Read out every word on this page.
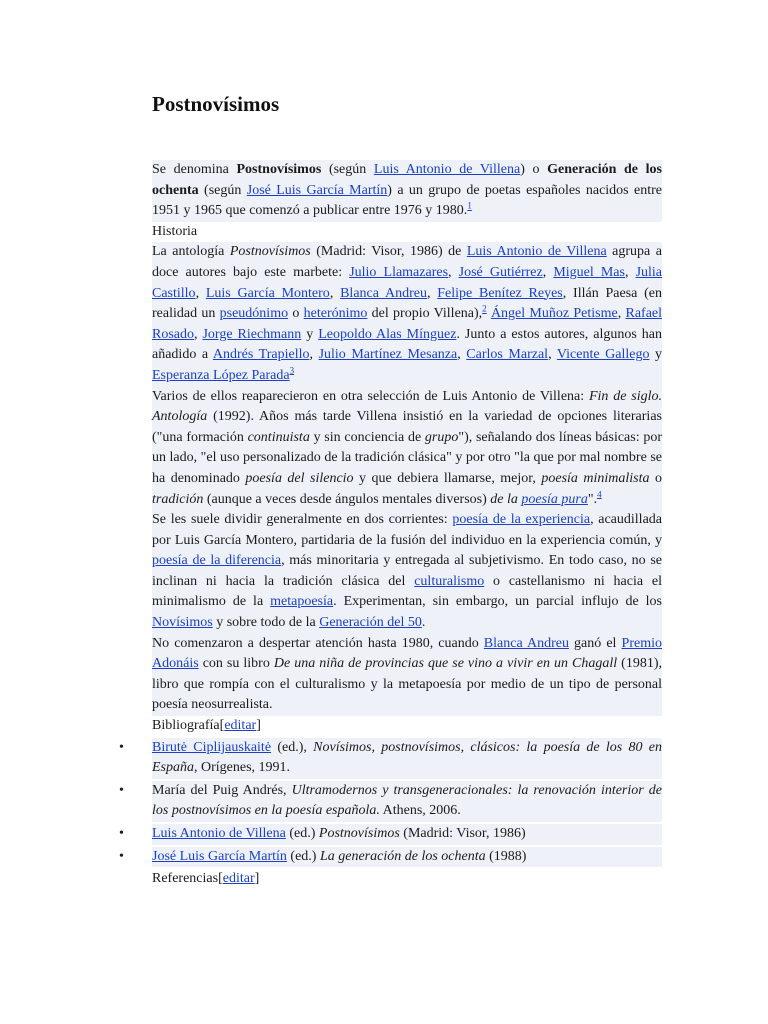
Postnovísimos

Se denomina Postnovísimos (según Luis Antonio de Villena) o Generación de los ochenta (según José Luis García Martín) a un grupo de poetas españoles nacidos entre 1951 y 1965 que comenzó a publicar entre 1976 y 1980.$^1$

Historia

La antología Postnovísimos (Madrid: Visor, 1986) de Luis Antonio de Villena agrupa a doce autores bajo este marbete: Julio Llamazares, José Gutiérrez, Miguel Mas, Julia Castillo, Luis García Montero, Blanca Andreu, Felipe Benítez Reyes, Illán Paesa (en realidad un pseudónimo o heterónimo del propio Villena),$^2$ Ángel Muñoz Petisme, Rafael Rosado, Jorge Riechmann y Leopoldo Alas Mínguez. Junto a estos autores, algunos han añadido a Andrés Trapiello, Julio Martínez Mesanza, Carlos Marzal, Vicente Gallego y Esperanza López Parada$^3$

Varios de ellos reaparecieron en otra selección de Luis Antonio de Villena: Fin de siglo. Antología (1992). Años más tarde Villena insistió en la variedad de opciones literarias ("una formación continuista y sin conciencia de grupo"), señalando dos líneas básicas: por un lado, "el uso personalizado de la tradición clásica" y por otro "la que por mal nombre se ha denominado poesía del silencio y que debiera llamarse, mejor, poesía minimalista o tradición (aunque a veces desde ángulos mentales diversos) de la poesía pura".$^4$

Se les suele dividir generalmente en dos corrientes: poesía de la experiencia, acaudillada por Luis García Montero, partidaria de la fusión del individuo en la experiencia común, y poesía de la diferencia, más minoritaria y entregada al subjetivismo. En todo caso, no se inclinan ni hacia la tradición clásica del culturalismo o castellanismo ni hacia el minimalismo de la metapoesía. Experimentan, sin embargo, un parcial influjo de los Novísimos y sobre todo de la Generación del 50.

No comenzaron a despertar atención hasta 1980, cuando Blanca Andreu ganó el Premio Adonáis con su libro De una niña de provincias que se vino a vivir en un Chagall (1981), libro que rompía con el culturalismo y la metapoesía por medio de un tipo de personal poesía neosurrealista.

Bibliografía[editar]
• Birutė Ciplijauskaitė (ed.), Novísimos, postnovísimos, clásicos: la poesía de los 80 en España, Orígenes, 1991.
• María del Puig Andrés, Ultramodernos y transgeneracionales: la renovación interior de los postnovísimos en la poesía española. Athens, 2006.
• Luis Antonio de Villena (ed.) Postnovísimos (Madrid: Visor, 1986)
• José Luis García Martín (ed.) La generación de los ochenta (1988)
Referencias[editar]
